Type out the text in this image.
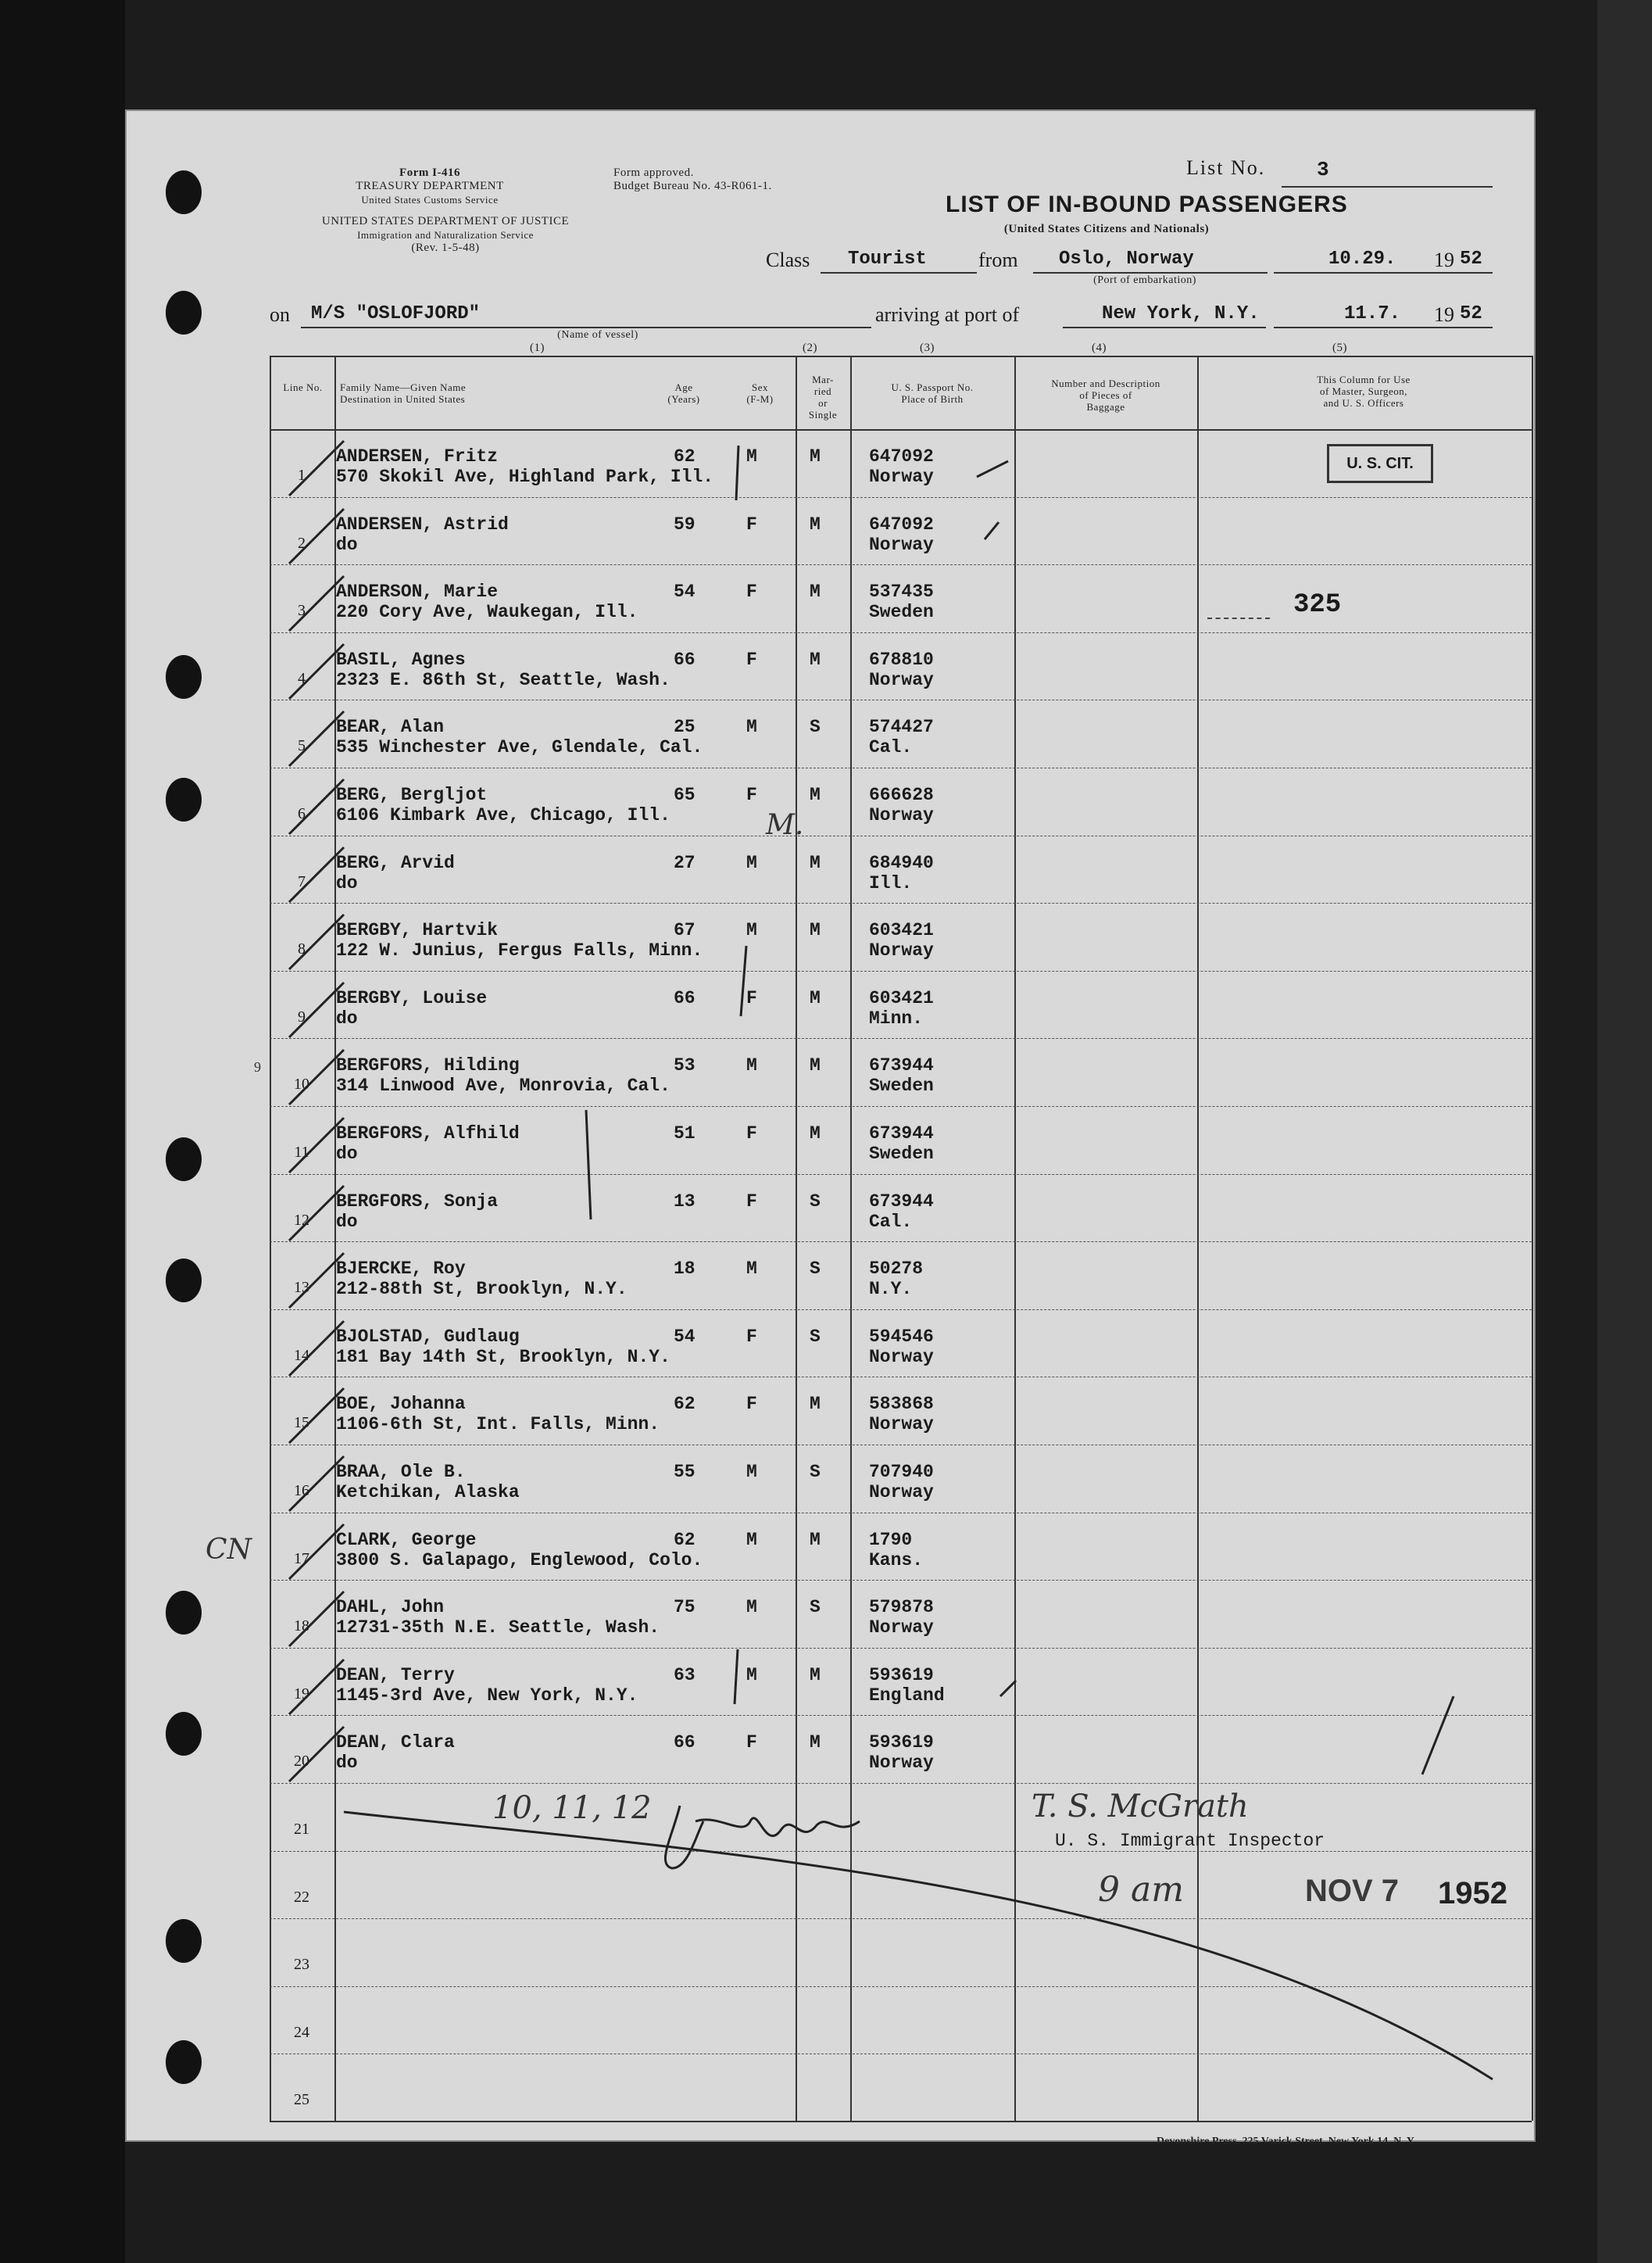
Form I-416
TREASURY DEPARTMENT
United States Customs Service
UNITED STATES DEPARTMENT OF JUSTICE
Immigration and Naturalization Service
(Rev. 1-5-48)
Form approved.
Budget Bureau No. 43-R061-1.
List No.	3
LIST OF IN-BOUND PASSENGERS
(United States Citizens and Nationals)
Class Tourist	from Oslo, Norway
(Port of embarkation)
10.29. 19 52
on M/S "OSLOFJORD"
(Name of vessel)
arriving at port of	New York, N.Y.	11.7. 19 52
(1)	(2)	(3)	(4)	(5)
Line No.	Family Name—Given Name
Destination in United States
Age
(Years)
Sex
(F-M)
Mar-
ried
or
Single
U. S. Passport No.
Place of Birth
Number and Description
of Pieces of
Baggage
This Column for Use
of Master, Surgeon,
and U. S. Officers
1
ANDERSEN, Fritz
570 Skokil Ave, Highland Park, Ill.
62	M	M	647092
Norway
2
ANDERSEN, Astrid
do
59	F	M	647092
Norway
3
ANDERSON, Marie
220 Cory Ave, Waukegan, Ill.
54	F	M	537435
Sweden
4
BASIL, Agnes
2323 E. 86th St, Seattle, Wash.
66	F	M	678810
Norway
5
BEAR, Alan
535 Winchester Ave, Glendale, Cal.
25	M	S	574427
Cal.
6
BERG, Bergljot
6106 Kimbark Ave, Chicago, Ill.
65	F	M	666628
Norway
7
BERG, Arvid
do
27	M	M	684940
Ill.
8
BERGBY, Hartvik
122 W. Junius, Fergus Falls, Minn.
67	M	M	603421
Norway
9
BERGBY, Louise
do
66	F	M	603421
Minn.
10
BERGFORS, Hilding
314 Linwood Ave, Monrovia, Cal.
53	M	M	673944
Sweden
11
BERGFORS, Alfhild
do
51	F	M	673944
Sweden
12
BERGFORS, Sonja
do
13	F	S	673944
Cal.
13
BJERCKE, Roy
212-88th St, Brooklyn, N.Y.
18	M	S	50278
N.Y.
14
BJOLSTAD, Gudlaug
181 Bay 14th St, Brooklyn, N.Y.
54	F	S	594546
Norway
15
BOE, Johanna
1106-6th St, Int. Falls, Minn.
62	F	M	583868
Norway
16
BRAA, Ole B.
Ketchikan, Alaska
55	M	S	707940
Norway
17
CLARK, George
3800 S. Galapago, Englewood, Colo.
62	M	M	1790
Kans.
18
DAHL, John
12731-35th N.E. Seattle, Wash.
75	M	S	579878
Norway
19
DEAN, Terry
1145-3rd Ave, New York, N.Y.
63	M	M	593619
England
20
DEAN, Clara
do
66	F	M	593619
Norway
21
22
23
24
25
U. S. CIT.
325
10, 11, 12
CN
M.
9
T. S. McGrath
U. S. Immigrant Inspector
9 am	NOV 7 1952
Devonshire Press, 225 Varick Street, New York 14, N. Y.
